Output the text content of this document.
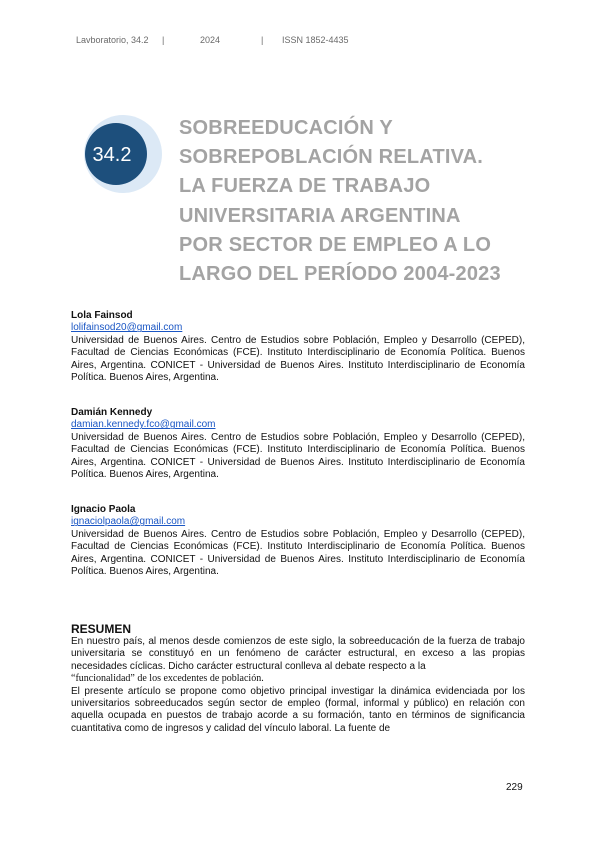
Lavboratorio, 34.2 |	2024	| ISSN 1852-4435
34.2
SOBREEDUCACIÓN Y
SOBREPOBLACIÓN RELATIVA.
LA FUERZA DE TRABAJO
UNIVERSITARIA ARGENTINA
POR SECTOR DE EMPLEO A LO
LARGO DEL PERÍODO 2004-2023
Lola Fainsod
lolifainsod20@gmail.com
Universidad de Buenos Aires. Centro de Estudios sobre Población, Empleo y Desarrollo (CEPED), Facultad de Ciencias Económicas (FCE). Instituto Interdisciplinario de Economía Política. Buenos Aires, Argentina. CONICET - Universidad de Buenos Aires. Instituto Interdisciplinario de Economía Política. Buenos Aires, Argentina.
Damián Kennedy
damian.kennedy.fco@gmail.com
Universidad de Buenos Aires. Centro de Estudios sobre Población, Empleo y Desarrollo (CEPED), Facultad de Ciencias Económicas (FCE). Instituto Interdisciplinario de Economía Política. Buenos Aires, Argentina. CONICET - Universidad de Buenos Aires. Instituto Interdisciplinario de Economía Política. Buenos Aires, Argentina.
Ignacio Paola
ignaciolpaola@gmail.com
Universidad de Buenos Aires. Centro de Estudios sobre Población, Empleo y Desarrollo (CEPED), Facultad de Ciencias Económicas (FCE). Instituto Interdisciplinario de Economía Política. Buenos Aires, Argentina. CONICET - Universidad de Buenos Aires. Instituto Interdisciplinario de Economía Política. Buenos Aires, Argentina.
RESUMEN
En nuestro país, al menos desde comienzos de este siglo, la sobreeducación de la fuerza de trabajo universitaria se constituyó en un fenómeno de carácter estructural, en exceso a las propias necesidades cíclicas. Dicho carácter estructural conlleva al debate respecto a la
“funcionalidad” de los excedentes de población.
El presente artículo se propone como objetivo principal investigar la dinámica evidenciada por los universitarios sobreeducados según sector de empleo (formal, informal y público) en relación con aquella ocupada en puestos de trabajo acorde a su formación, tanto en términos de significancia cuantitativa como de ingresos y calidad del vínculo laboral. La fuente de
229
